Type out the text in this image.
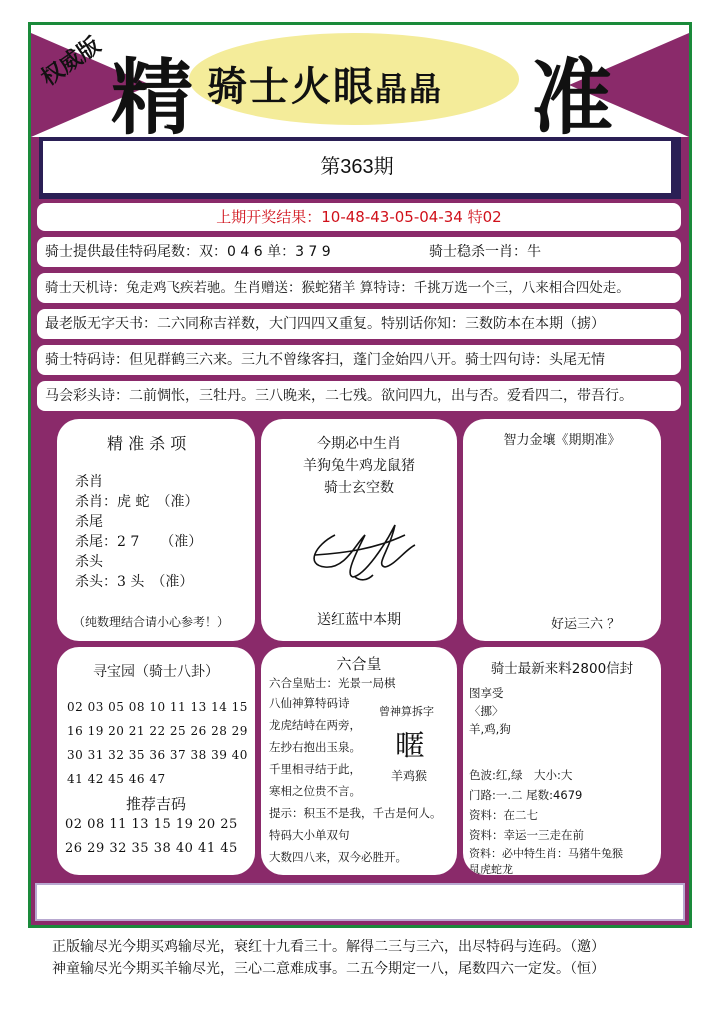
权威版 精 骑士火眼晶晶 准
第363期
上期开奖结果：10-48-43-05-04-34 特02
骑士提供最佳特码尾数：双：0 4 6 单：3 7 9	骑士稳杀一肖：牛
骑士天机诗：兔走鸡飞疾若驰。生肖赠送：猴蛇猪羊 算特诗：千挑万选一个三，八来相合四处走。
最老版无字天书：二六同称吉祥数，大门四四又重复。特别话你知：三数防本在本期（掳）
骑士特码诗：但见群鹤三六来。三九不曾缘客扫，蓬门金始四八开。骑士四句诗：头尾无情
马会彩头诗：二前惆怅，三牡丹。三八晚来，二七残。欲问四九，出与否。爱看四二，带吾行。
精 准 杀 项
杀肖
杀肖：虎 蛇　（准）
杀尾
杀尾：2 7　　（准）
杀头
杀头：3 头　（准）
（纯数理结合请小心参考！）
今期必中生肖
羊狗兔牛鸡龙鼠猪
骑士玄空数
送红蓝中本期
智力金壤《期期准》
好运三六 ？
寻宝园（骑士八卦）
02 03 05 08 10 11 13 14 15
16 19 20 21 22 25 26 28 29
30 31 32 35 36 37 38 39 40
41 42 45 46 47
推荐吉码
02 08 11 13 15 19 20 25
26 29 32 35 38 40 41 45
六合皇
六合皇贴士：光景一局棋
八仙神算特码诗
龙虎结峙在两旁，
左抄右抱出玉泉。
千里相寻结于此，
寒相之位贵不言。
提示：积玉不是我，千古是何人。
特码大小单双句
大数四八来，双今必胜开。
曾神算拆字
暱
羊鸡猴
骑士最新来料2800信封
图享受
〈挪〉
羊,鸡,狗
色波:红,绿　大小:大
门路:一.二 尾数:4679
资料：在二七
资料：幸运一三走在前
资料：必中特生肖：马猪牛兔猴
鼠虎蛇龙
正版输尽光今期买鸡输尽光，衰红十九看三十。解得二三与三六，出尽特码与连码。（邀）
神童输尽光今期买羊输尽光，三心二意难成事。二五今期定一八，尾数四六一定发。（恒）
